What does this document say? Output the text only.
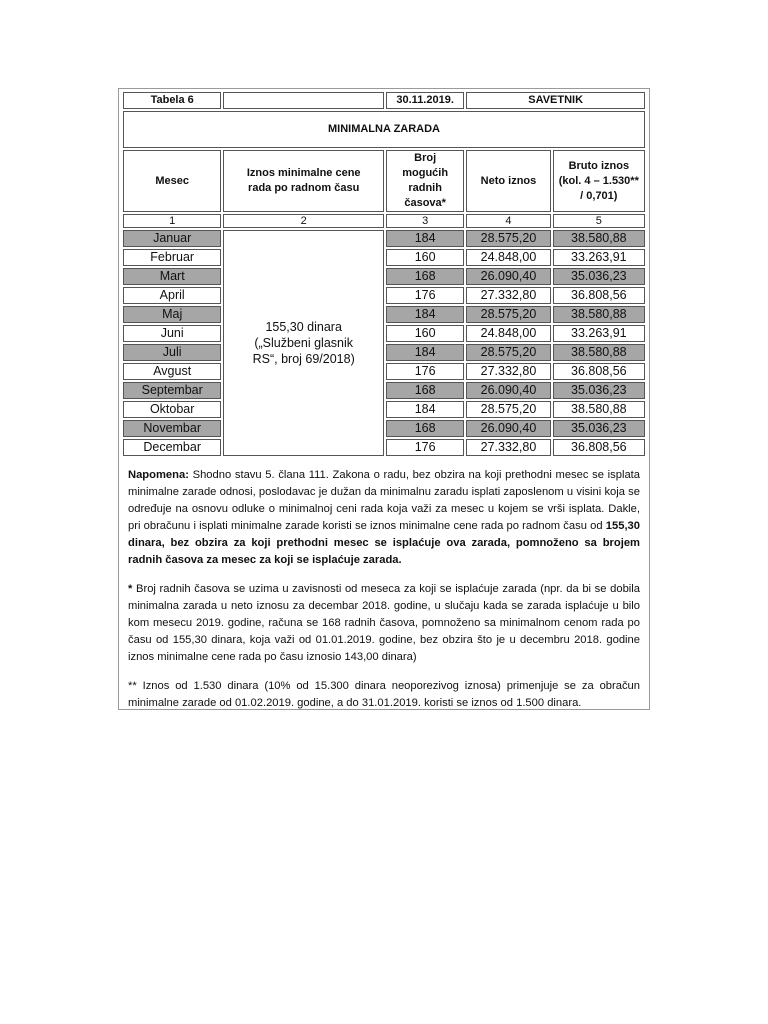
Tabela 6		30.11.2019.	SAVETNIK	
MINIMALNA ZARADA				
Mesec	Iznos minimalne cene rada po radnom času	Broj mogućih radnih časova*	Neto iznos	Bruto iznos (kol. 4 – 1.530** / 0,701)
1	2	3	4	5
Januar	155,30 dinara („Službeni glasnik RS“, broj 69/2018)	184	28.575,20	38.580,88
Februar		160	24.848,00	33.263,91
Mart		168	26.090,40	35.036,23
April		176	27.332,80	36.808,56
Maj		184	28.575,20	38.580,88
Juni		160	24.848,00	33.263,91
Juli		184	28.575,20	38.580,88
Avgust		176	27.332,80	36.808,56
Septembar		168	26.090,40	35.036,23
Oktobar		184	28.575,20	38.580,88
Novembar		168	26.090,40	35.036,23
Decembar		176	27.332,80	36.808,56

Napomena: Shodno stavu 5. člana 111. Zakona o radu, bez obzira na koji prethodni mesec se isplata minimalne zarade odnosi, poslodavac je dužan da minimalnu zaradu isplati zaposlenom u visini koja se određuje na osnovu odluke o minimalnoj ceni rada koja važi za mesec u kojem se vrši isplata. Dakle, pri obračunu i isplati minimalne zarade koristi se iznos minimalne cene rada po radnom času od 155,30 dinara, bez obzira za koji prethodni mesec se isplaćuje ova zarada, pomnoženo sa brojem radnih časova za mesec za koji se isplaćuje zarada.

* Broj radnih časova se uzima u zavisnosti od meseca za koji se isplaćuje zarada (npr. da bi se dobila minimalna zarada u neto iznosu za decembar 2018. godine, u slučaju kada se zarada isplaćuje u bilo kom mesecu 2019. godine, računa se 168 radnih časova, pomnoženo sa minimalnom cenom rada po času od 155,30 dinara, koja važi od 01.01.2019. godine, bez obzira što je u decembru 2018. godine iznos minimalne cene rada po času iznosio 143,00 dinara)

** Iznos od 1.530 dinara (10% od 15.300 dinara neoporezivog iznosa) primenjuje se za obračun minimalne zarade od 01.02.2019. godine, a do 31.01.2019. koristi se iznos od 1.500 dinara.
